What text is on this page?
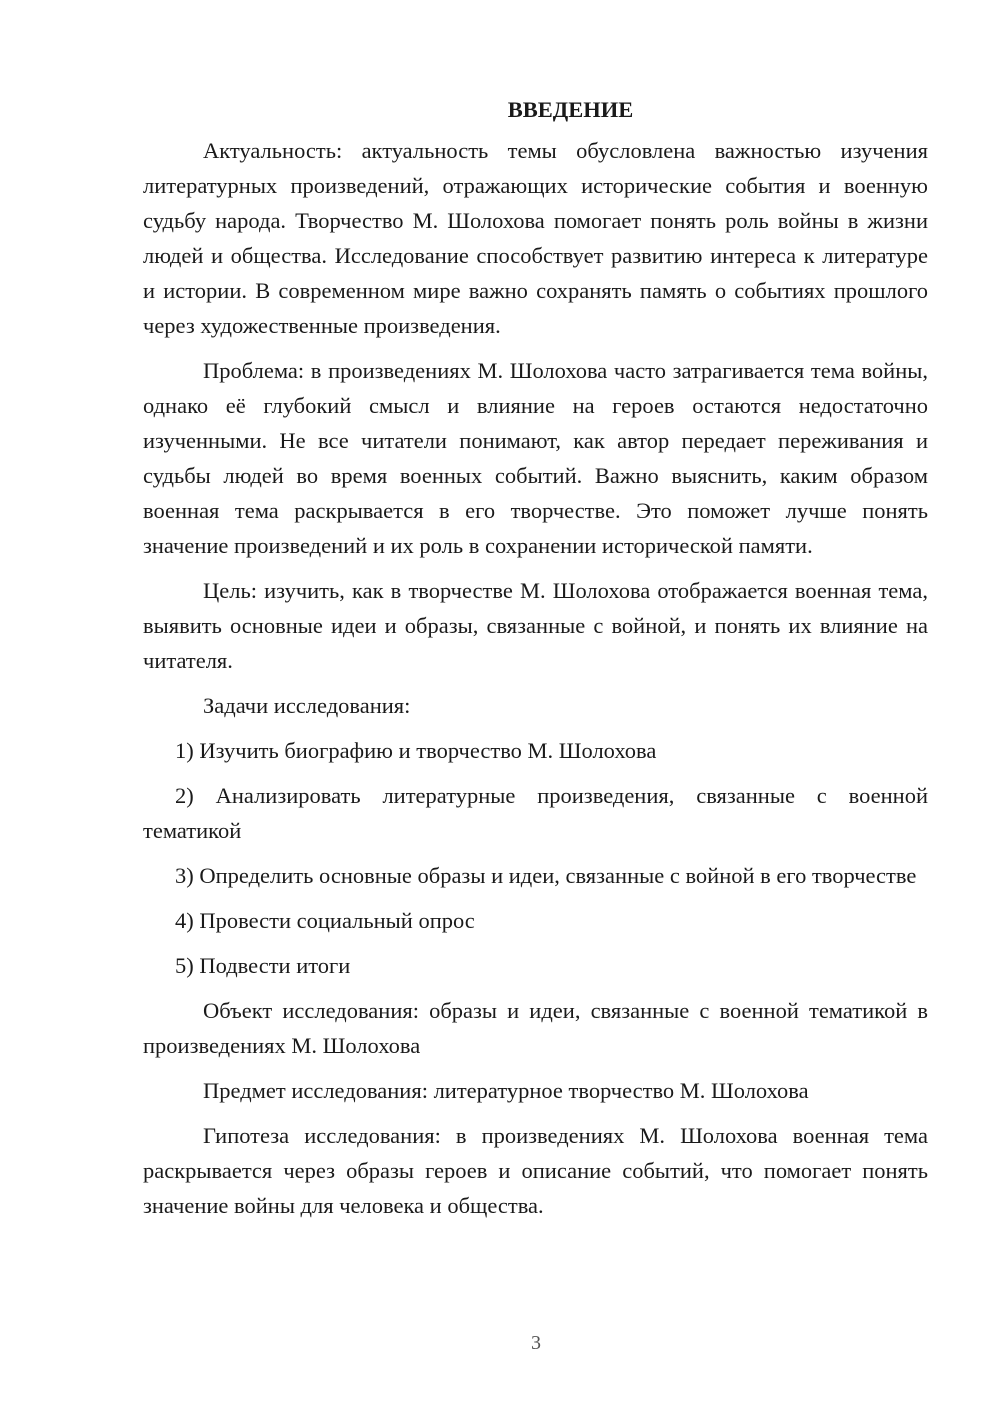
ВВЕДЕНИЕ

Актуальность: актуальность темы обусловлена важностью изучения литературных произведений, отражающих исторические события и военную судьбу народа. Творчество М. Шолохова помогает понять роль войны в жизни людей и общества. Исследование способствует развитию интереса к литературе и истории. В современном мире важно сохранять память о событиях прошлого через художественные произведения.

Проблема: в произведениях М. Шолохова часто затрагивается тема войны, однако её глубокий смысл и влияние на героев остаются недостаточно изученными. Не все читатели понимают, как автор передает переживания и судьбы людей во время военных событий. Важно выяснить, каким образом военная тема раскрывается в его творчестве. Это поможет лучше понять значение произведений и их роль в сохранении исторической памяти.

Цель: изучить, как в творчестве М. Шолохова отображается военная тема, выявить основные идеи и образы, связанные с войной, и понять их влияние на читателя.

Задачи исследования:

1) Изучить биографию и творчество М. Шолохова

2) Анализировать литературные произведения, связанные с военной тематикой

3) Определить основные образы и идеи, связанные с войной в его творчестве

4) Провести социальный опрос

5) Подвести итоги

Объект исследования: образы и идеи, связанные с военной тематикой в произведениях М. Шолохова

Предмет исследования: литературное творчество М. Шолохова

Гипотеза исследования: в произведениях М. Шолохова военная тема раскрывается через образы героев и описание событий, что помогает понять значение войны для человека и общества.

3
